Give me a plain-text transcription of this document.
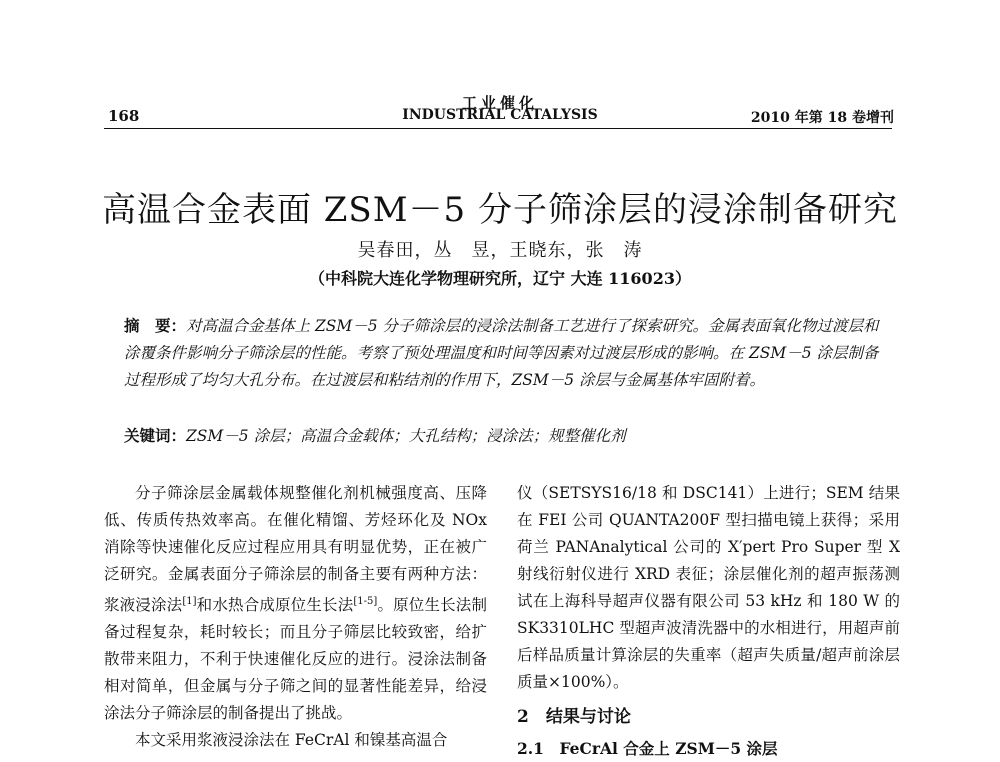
工业催化
INDUSTRIAL CATALYSIS
168	2010 年第 18 卷增刊
高温合金表面 ZSM－5 分子筛涂层的浸涂制备研究
吴春田，丛　昱，王晓东，张　涛
（中科院大连化学物理研究所，辽宁 大连 116023）
摘　要：对高温合金基体上 ZSM－5 分子筛涂层的浸涂法制备工艺进行了探索研究。金属表面氧化物过渡层和涂覆条件影响分子筛涂层的性能。考察了预处理温度和时间等因素对过渡层形成的影响。在 ZSM－5 涂层制备过程形成了均匀大孔分布。在过渡层和粘结剂的作用下，ZSM－5 涂层与金属基体牢固附着。
关键词：ZSM－5 涂层；高温合金载体；大孔结构；浸涂法；规整催化剂
分子筛涂层金属载体规整催化剂机械强度高、压降低、传质传热效率高。在催化精馏、芳烃环化及 NOx 消除等快速催化反应过程应用具有明显优势，正在被广泛研究。金属表面分子筛涂层的制备主要有两种方法：浆液浸涂法[1]和水热合成原位生长法[1-5]。原位生长法制备过程复杂，耗时较长；而且分子筛层比较致密，给扩散带来阻力，不利于快速催化反应的进行。浸涂法制备相对简单，但金属与分子筛之间的显著性能差异，给浸涂法分子筛涂层的制备提出了挑战。
本文采用浆液浸涂法在 FeCrAl 和镍基高温合
仪（SETSYS16/18 和 DSC141）上进行；SEM 结果在 FEI 公司 QUANTA200F 型扫描电镜上获得；采用荷兰 PANAnalytical 公司的 X′pert Pro Super 型 X 射线衍射仪进行 XRD 表征；涂层催化剂的超声振荡测试在上海科导超声仪器有限公司 53 kHz 和 180 W 的 SK3310LHC 型超声波清洗器中的水相进行，用超声前后样品质量计算涂层的失重率（超声失质量/超声前涂层质量×100%）。
2　结果与讨论
2.1　FeCrAl 合金上 ZSM－5 涂层
